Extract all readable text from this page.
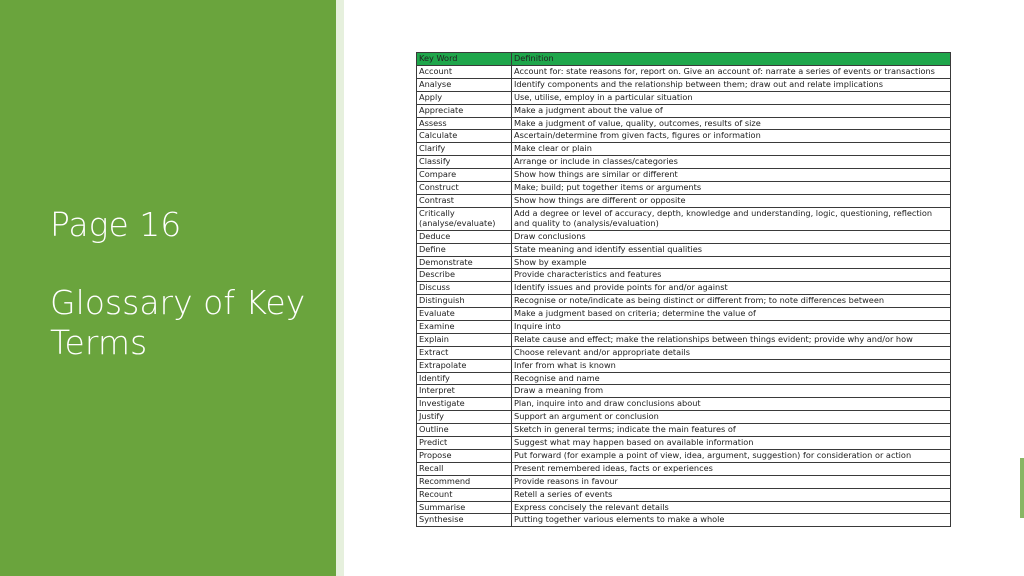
Page 16
Glossary of Key
Terms
Key Word	Definition
Account	Account for: state reasons for, report on. Give an account of: narrate a series of events or transactions
Analyse	Identify components and the relationship between them; draw out and relate implications
Apply	Use, utilise, employ in a particular situation
Appreciate	Make a judgment about the value of
Assess	Make a judgment of value, quality, outcomes, results of size
Calculate	Ascertain/determine from given facts, figures or information
Clarify	Make clear or plain
Classify	Arrange or include in classes/categories
Compare	Show how things are similar or different
Construct	Make; build; put together items or arguments
Contrast	Show how things are different or opposite
Critically (analyse/evaluate)	Add a degree or level of accuracy, depth, knowledge and understanding, logic, questioning, reflection and quality to (analysis/evaluation)
Deduce	Draw conclusions
Define	State meaning and identify essential qualities
Demonstrate	Show by example
Describe	Provide characteristics and features
Discuss	Identify issues and provide points for and/or against
Distinguish	Recognise or note/indicate as being distinct or different from; to note differences between
Evaluate	Make a judgment based on criteria; determine the value of
Examine	Inquire into
Explain	Relate cause and effect; make the relationships between things evident; provide why and/or how
Extract	Choose relevant and/or appropriate details
Extrapolate	Infer from what is known
Identify	Recognise and name
Interpret	Draw a meaning from
Investigate	Plan, inquire into and draw conclusions about
Justify	Support an argument or conclusion
Outline	Sketch in general terms; indicate the main features of
Predict	Suggest what may happen based on available information
Propose	Put forward (for example a point of view, idea, argument, suggestion) for consideration or action
Recall	Present remembered ideas, facts or experiences
Recommend	Provide reasons in favour
Recount	Retell a series of events
Summarise	Express concisely the relevant details
Synthesise	Putting together various elements to make a whole
